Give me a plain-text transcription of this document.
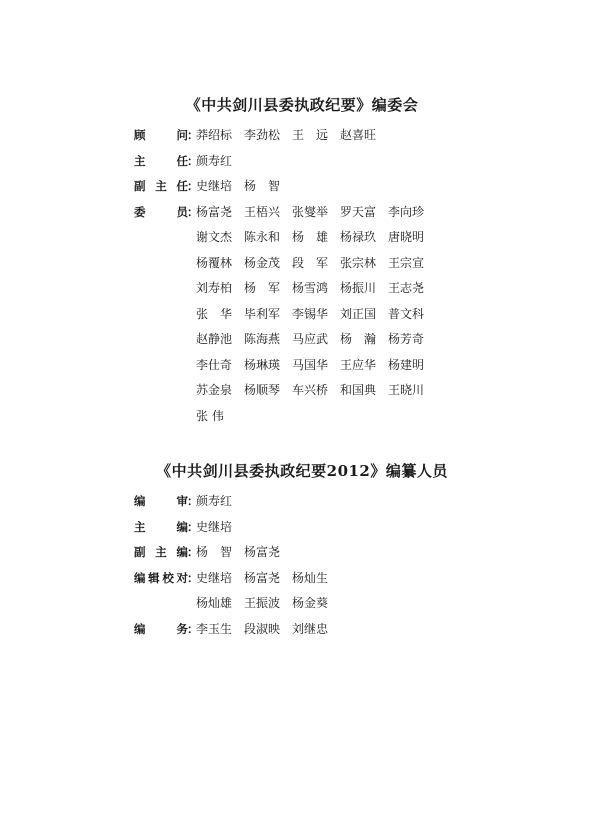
《中共剑川县委执政纪要》编委会
顾	问 ：
莽绍标 李劲松 王　远 赵喜旺
主	任 ：
颜寿红
副 主 任 ：
史继培 杨　智
委	员 ：
杨富尧 王梧兴 张燮举 罗天富 李向珍
谢文杰 陈永和 杨　雄 杨禄玖 唐晓明
杨覆林 杨金茂 段　军 张宗林 王宗宣
刘寿柏 杨　军 杨雪鸿 杨振川 王志尧
张　华 毕利军 李锡华 刘正国 普文科
赵静池 陈海燕 马应武 杨　瀚 杨芳奇
李仕奇 杨琳瑛 马国华 王应华 杨建明
苏金泉 杨顺琴 车兴桥 和国典 王晓川
张 伟
《中共剑川县委执政纪要2012》编纂人员
编	审 ：
颜寿红
主	编 ：
史继培
副 主 编 ：
杨　智 杨富尧
编 辑 校 对 ：
史继培 杨富尧 杨灿生
杨灿雄 王振波 杨金葵
编	务 ：
李玉生 段淑映 刘继忠
